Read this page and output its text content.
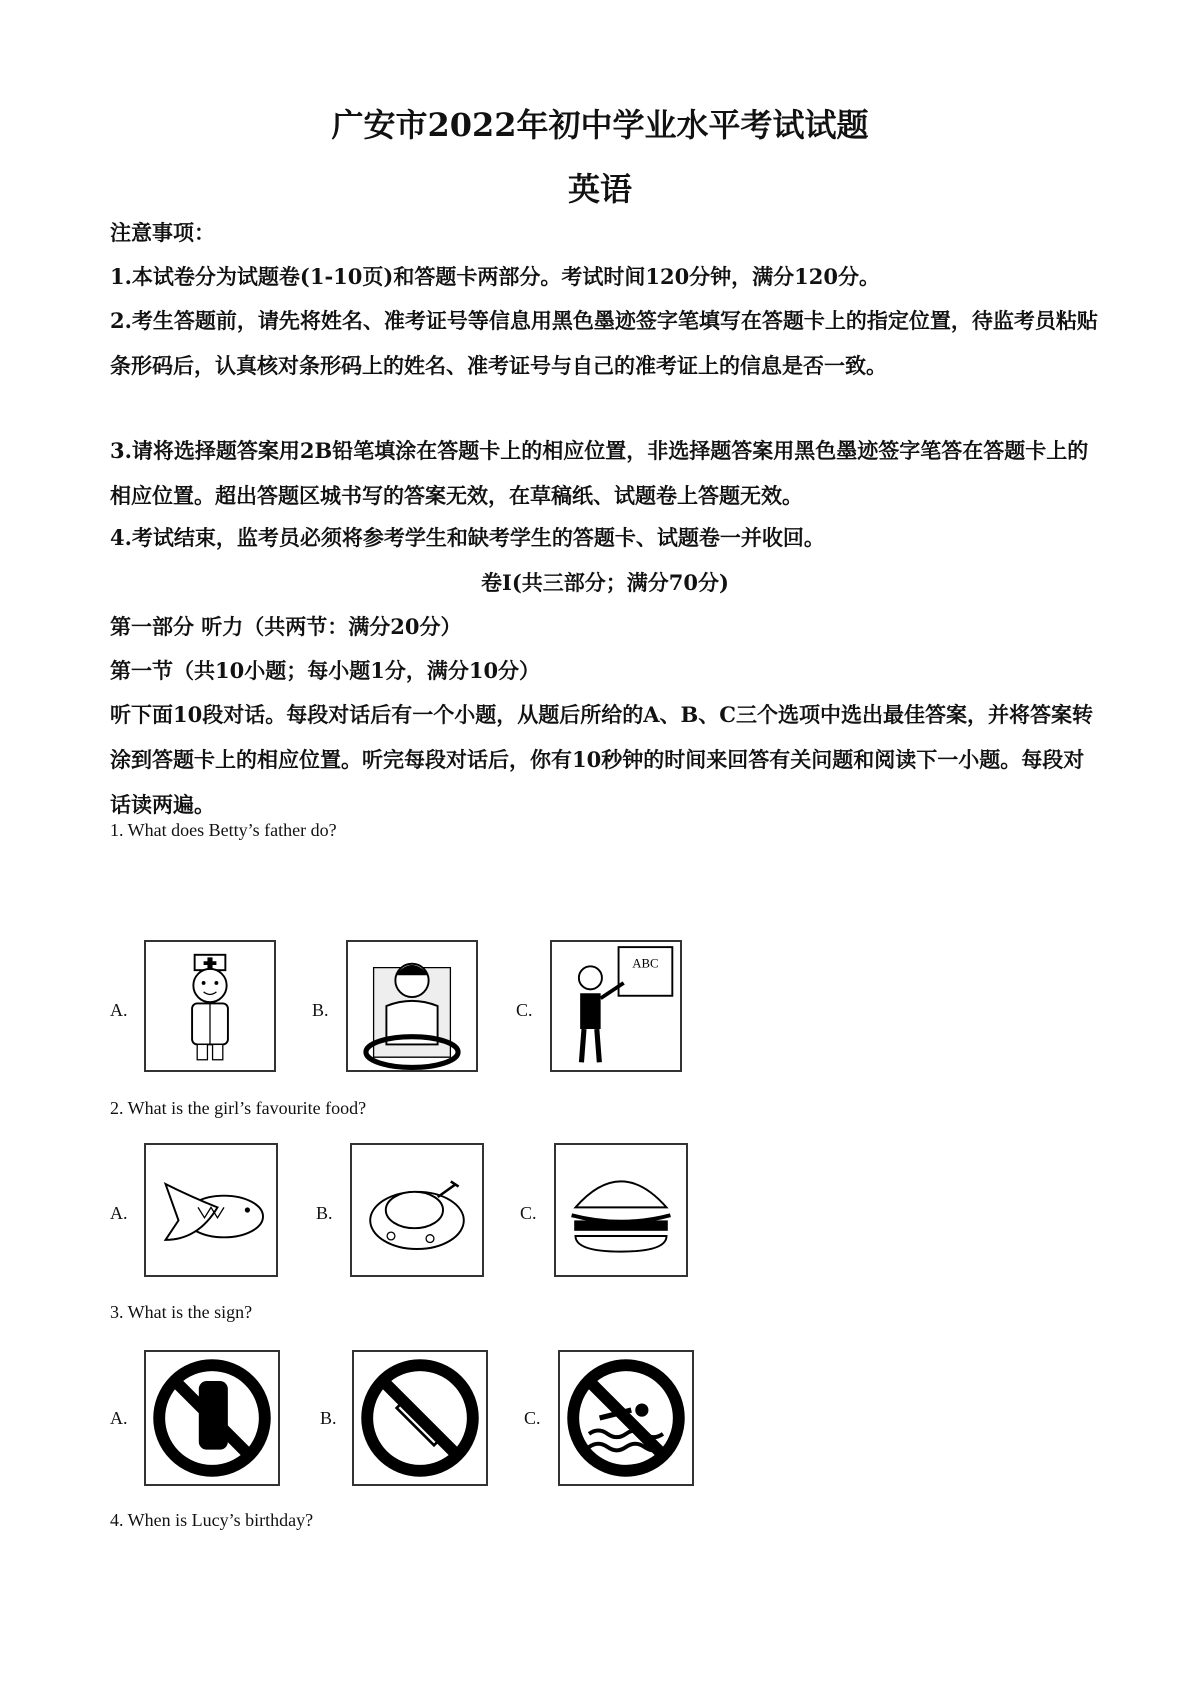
广安市2022年初中学业水平考试试题
英语
注意事项：
1.本试卷分为试题卷(1-10页)和答题卡两部分。考试时间120分钟，满分120分。
2.考生答题前，请先将姓名、准考证号等信息用黑色墨迹签字笔填写在答题卡上的指定位置，待监考员粘贴条形码后，认真核对条形码上的姓名、准考证号与自己的准考证上的信息是否一致。
3.请将选择题答案用2B铅笔填涂在答题卡上的相应位置，非选择题答案用黑色墨迹签字笔答在答题卡上的相应位置。超出答题区城书写的答案无效，在草稿纸、试题卷上答题无效。
4.考试结束，监考员必须将参考学生和缺考学生的答题卡、试题卷一并收回。
卷Ⅰ(共三部分；满分70分)
第一部分 听力（共两节：满分20分）
第一节（共10小题；每小题1分，满分10分）
听下面10段对话。每段对话后有一个小题，从题后所给的A、B、C三个选项中选出最佳答案，并将答案转涂到答题卡上的相应位置。听完每段对话后，你有10秒钟的时间来回答有关问题和阅读下一小题。每段对话读两遍。
1. What does Betty’s father do?
A.	B.	C.
ABC
2. What is the girl’s favourite food?
A.	B.	C.
3. What is the sign?
A.	B.	C.
4. When is Lucy’s birthday?
